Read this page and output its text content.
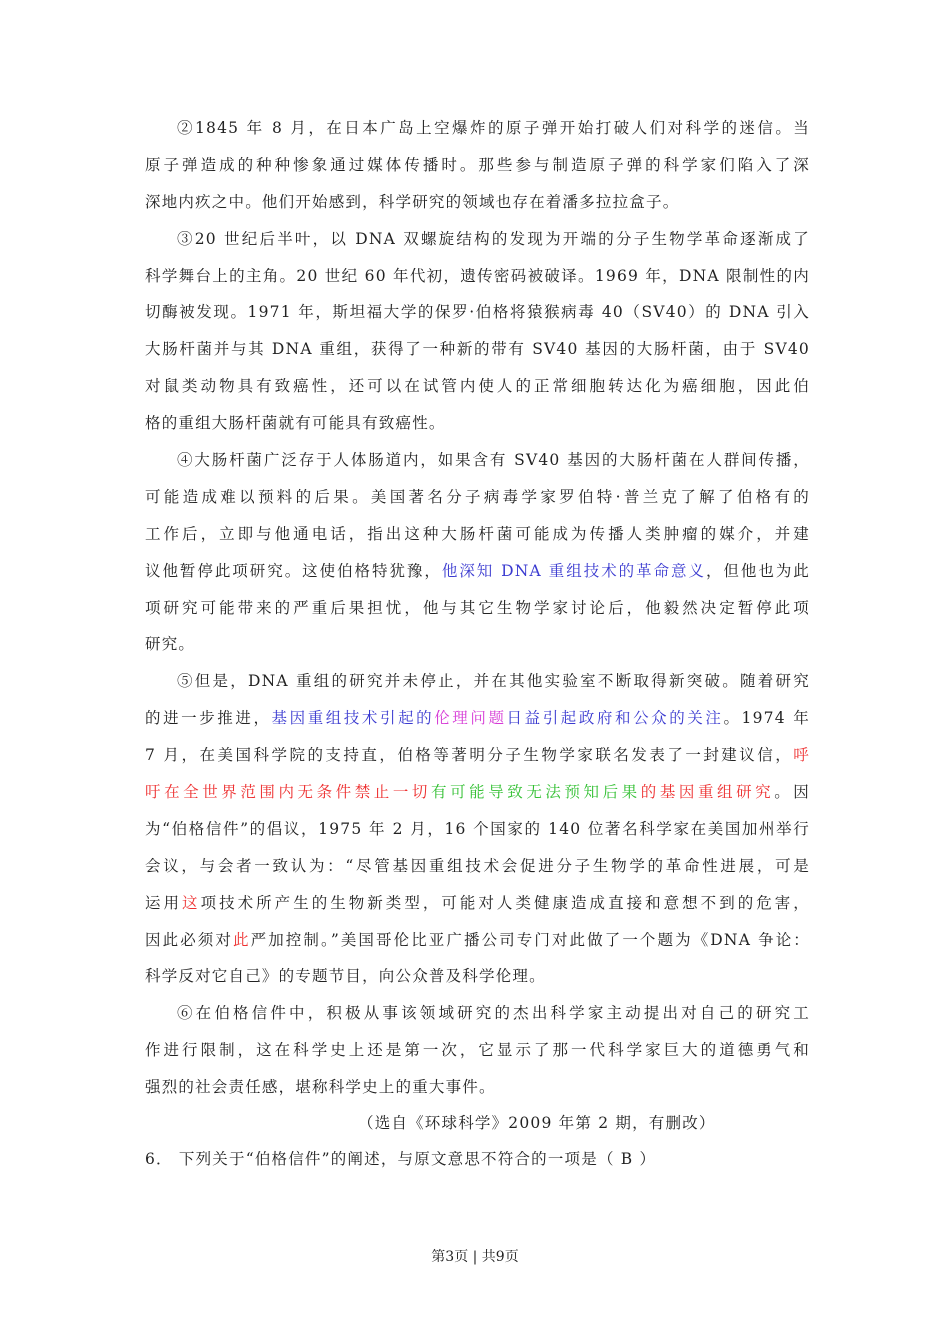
②1845 年 8 月，在日本广岛上空爆炸的原子弹开始打破人们对科学的迷信。当
原子弹造成的种种惨象通过媒体传播时。那些参与制造原子弹的科学家们陷入了深
深地内疚之中。他们开始感到，科学研究的领域也存在着潘多拉拉盒子。
③20 世纪后半叶，以 DNA 双螺旋结构的发现为开端的分子生物学革命逐渐成了
科学舞台上的主角。20 世纪 60 年代初，遗传密码被破译。1969 年，DNA 限制性的内
切酶被发现。1971 年，斯坦福大学的保罗·伯格将猿猴病毒 40（SV40）的 DNA 引入
大肠杆菌并与其 DNA 重组，获得了一种新的带有 SV40 基因的大肠杆菌，由于 SV40
对鼠类动物具有致癌性，还可以在试管内使人的正常细胞转达化为癌细胞，因此伯
格的重组大肠杆菌就有可能具有致癌性。
④大肠杆菌广泛存于人体肠道内，如果含有 SV40 基因的大肠杆菌在人群间传播，
可能造成难以预料的后果。美国著名分子病毒学家罗伯特·普兰克了解了伯格有的
工作后，立即与他通电话，指出这种大肠杆菌可能成为传播人类肿瘤的媒介，并建
议他暂停此项研究。这使伯格特犹豫，他深知 DNA 重组技术的革命意义，但他也为此
项研究可能带来的严重后果担忧，他与其它生物学家讨论后，他毅然决定暂停此项
研究。
⑤但是，DNA 重组的研究并未停止，并在其他实验室不断取得新突破。随着研究
的进一步推进，基因重组技术引起的伦理问题日益引起政府和公众的关注。1974 年
7 月，在美国科学院的支持直，伯格等著明分子生物学家联名发表了一封建议信，呼
吁在全世界范围内无条件禁止一切有可能导致无法预知后果的基因重组研究。因
为“伯格信件”的倡议，1975 年 2 月，16 个国家的 140 位著名科学家在美国加州举行
会议，与会者一致认为：“尽管基因重组技术会促进分子生物学的革命性进展，可是
运用这项技术所产生的生物新类型，可能对人类健康造成直接和意想不到的危害，
因此必须对此严加控制。”美国哥伦比亚广播公司专门对此做了一个题为《DNA 争论：
科学反对它自己》的专题节目，向公众普及科学伦理。
⑥在伯格信件中，积极从事该领域研究的杰出科学家主动提出对自己的研究工
作进行限制，这在科学史上还是第一次，它显示了那一代科学家巨大的道德勇气和
强烈的社会责任感，堪称科学史上的重大事件。
（选自《环球科学》2009 年第 2 期，有删改）
6． 下列关于“伯格信件”的阐述，与原文意思不符合的一项是（ B ）
第3页 | 共9页
